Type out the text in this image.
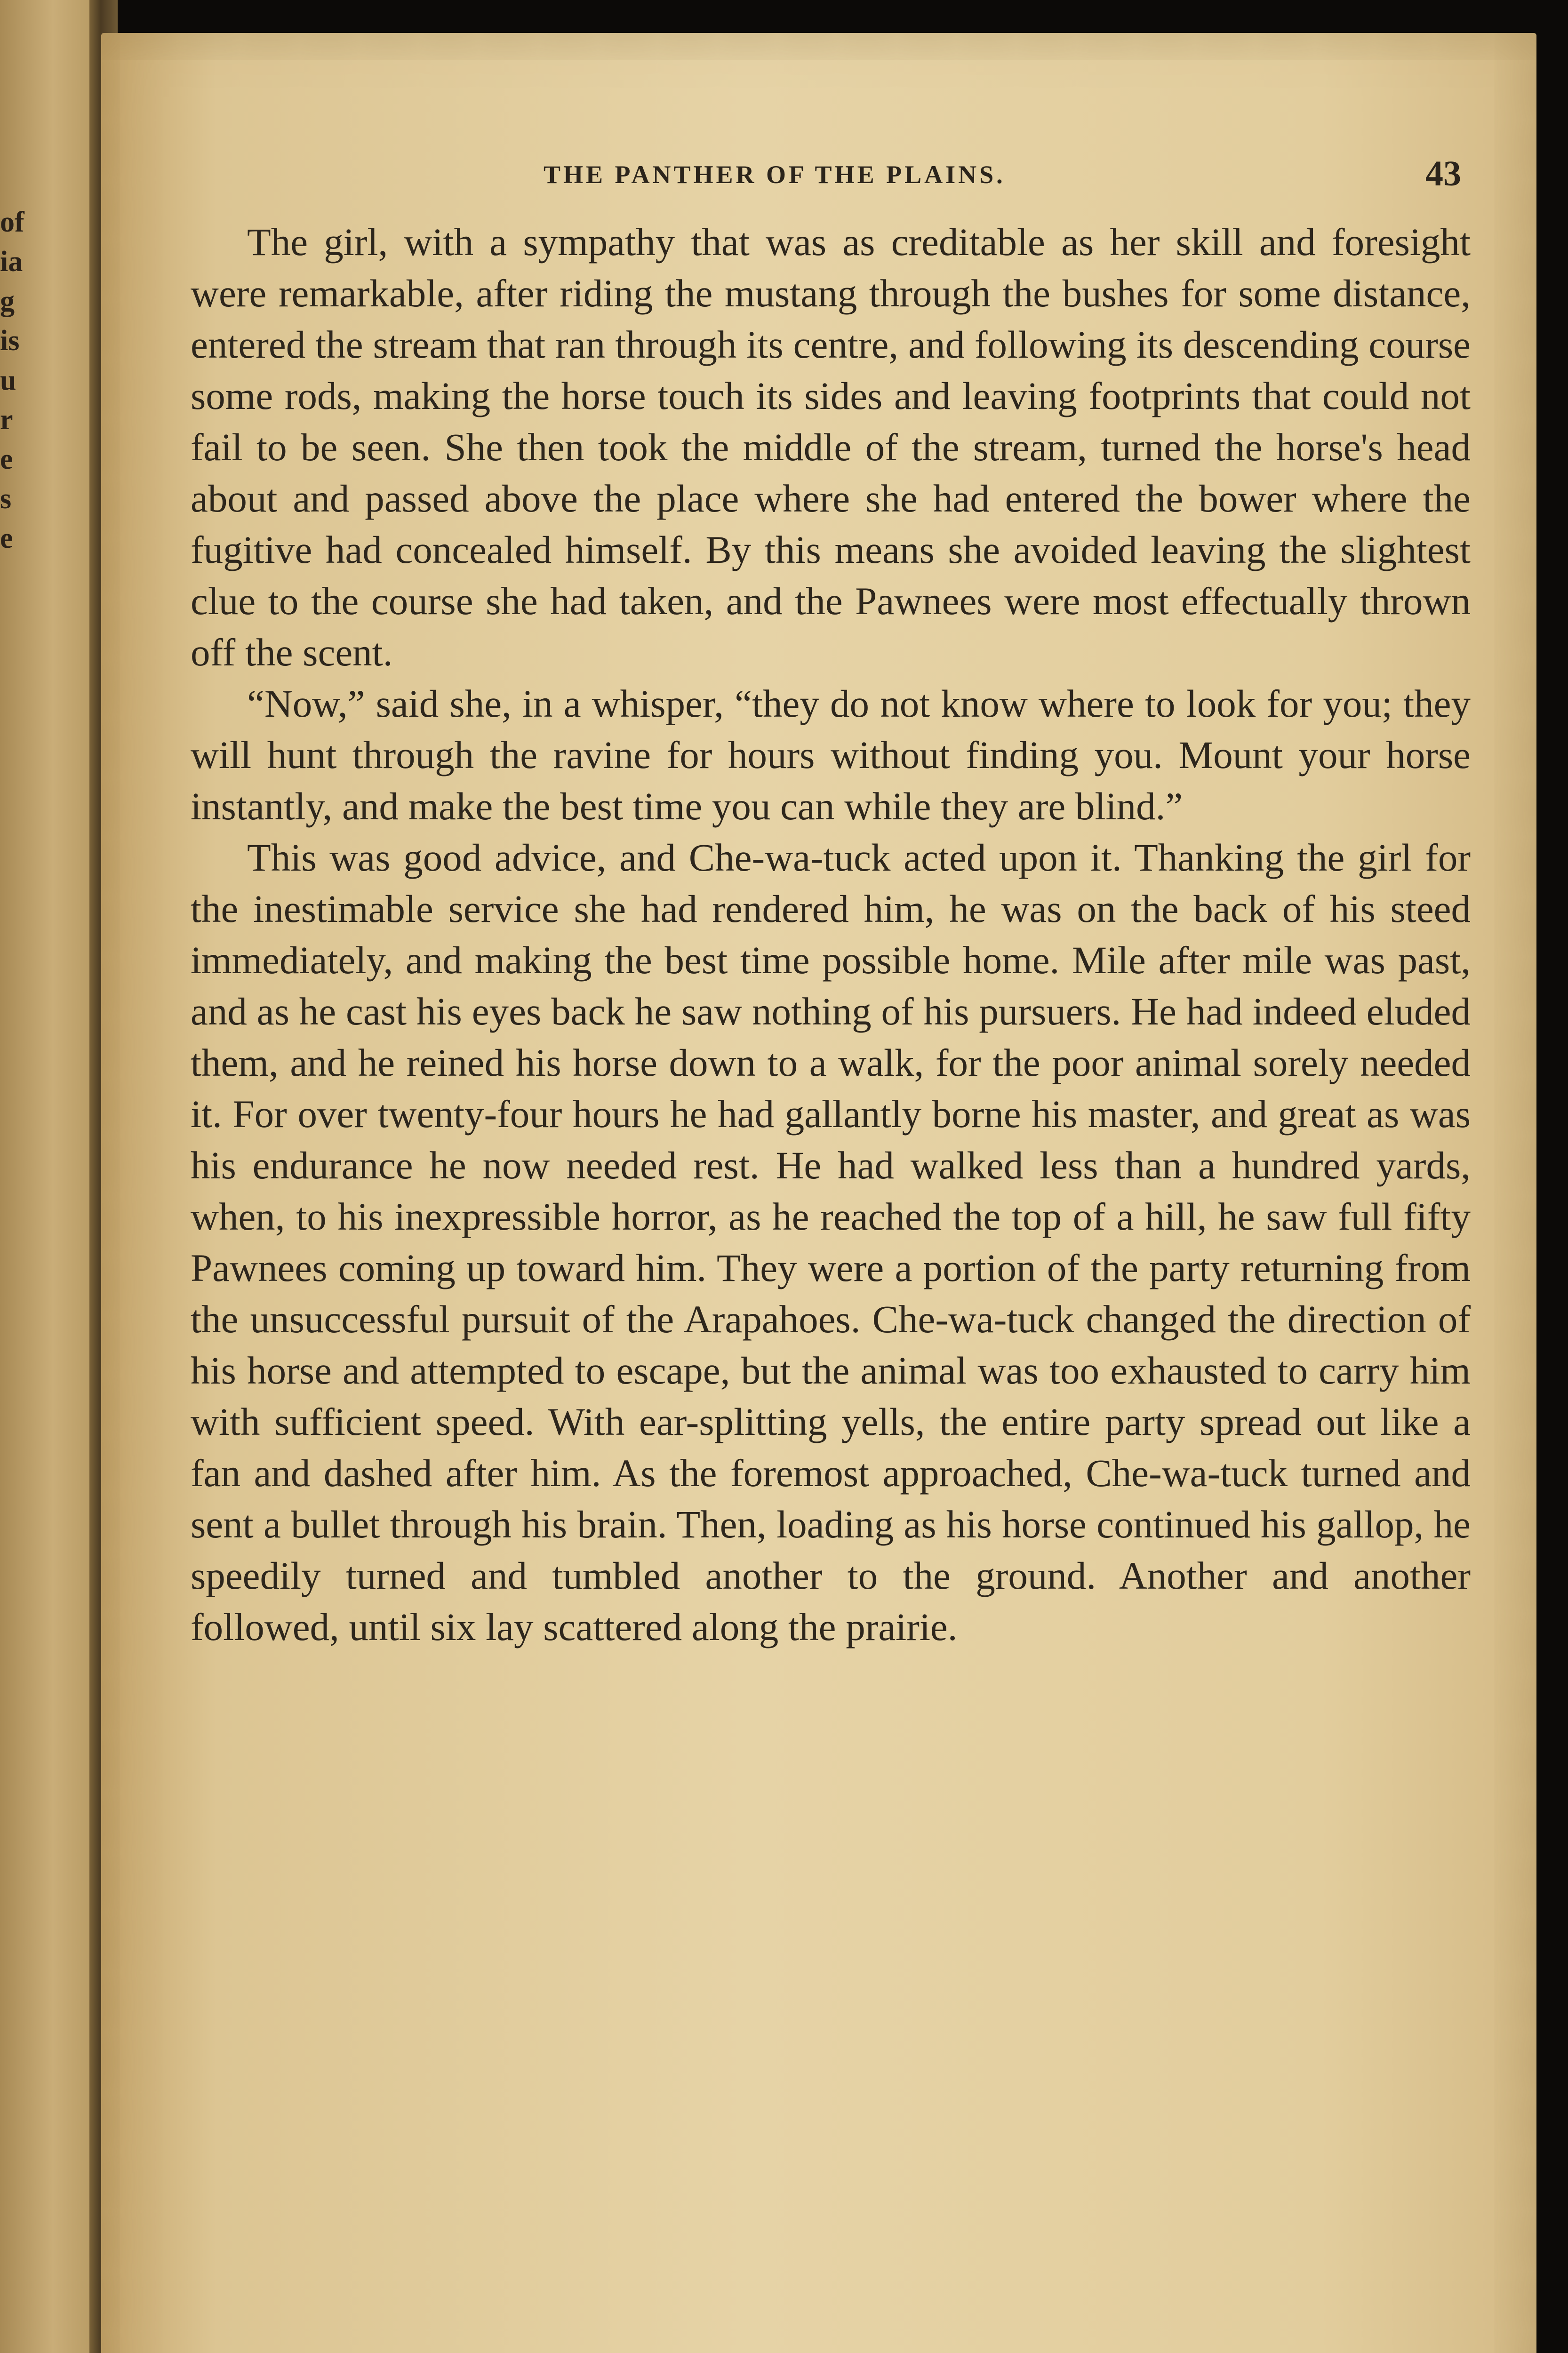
of
ia
g
is
u
r
e
s
e
THE PANTHER OF THE PLAINS.	43

The girl, with a sympathy that was as creditable as her skill and foresight were remarkable, after riding the mustang through the bushes for some distance, entered the stream that ran through its centre, and following its descending course some rods, making the horse touch its sides and leaving footprints that could not fail to be seen. She then took the middle of the stream, turned the horse's head about and passed above the place where she had entered the bower where the fugitive had concealed himself. By this means she avoided leaving the slightest clue to the course she had taken, and the Pawnees were most effectually thrown off the scent.

“Now,” said she, in a whisper, “they do not know where to look for you; they will hunt through the ravine for hours without finding you. Mount your horse instantly, and make the best time you can while they are blind.”

This was good advice, and Che-wa-tuck acted upon it. Thanking the girl for the inestimable service she had rendered him, he was on the back of his steed immediately, and making the best time possible home. Mile after mile was past, and as he cast his eyes back he saw nothing of his pursuers. He had indeed eluded them, and he reined his horse down to a walk, for the poor animal sorely needed it. For over twenty-four hours he had gallantly borne his master, and great as was his endurance he now needed rest. He had walked less than a hundred yards, when, to his inexpressible horror, as he reached the top of a hill, he saw full fifty Pawnees coming up toward him. They were a portion of the party returning from the unsuccessful pursuit of the Arapahoes. Che-wa-tuck changed the direction of his horse and attempted to escape, but the animal was too exhausted to carry him with sufficient speed. With ear-splitting yells, the entire party spread out like a fan and dashed after him. As the foremost approached, Che-wa-tuck turned and sent a bullet through his brain. Then, loading as his horse continued his gallop, he speedily turned and tumbled another to the ground. Another and another followed, until six lay scattered along the prairie.
